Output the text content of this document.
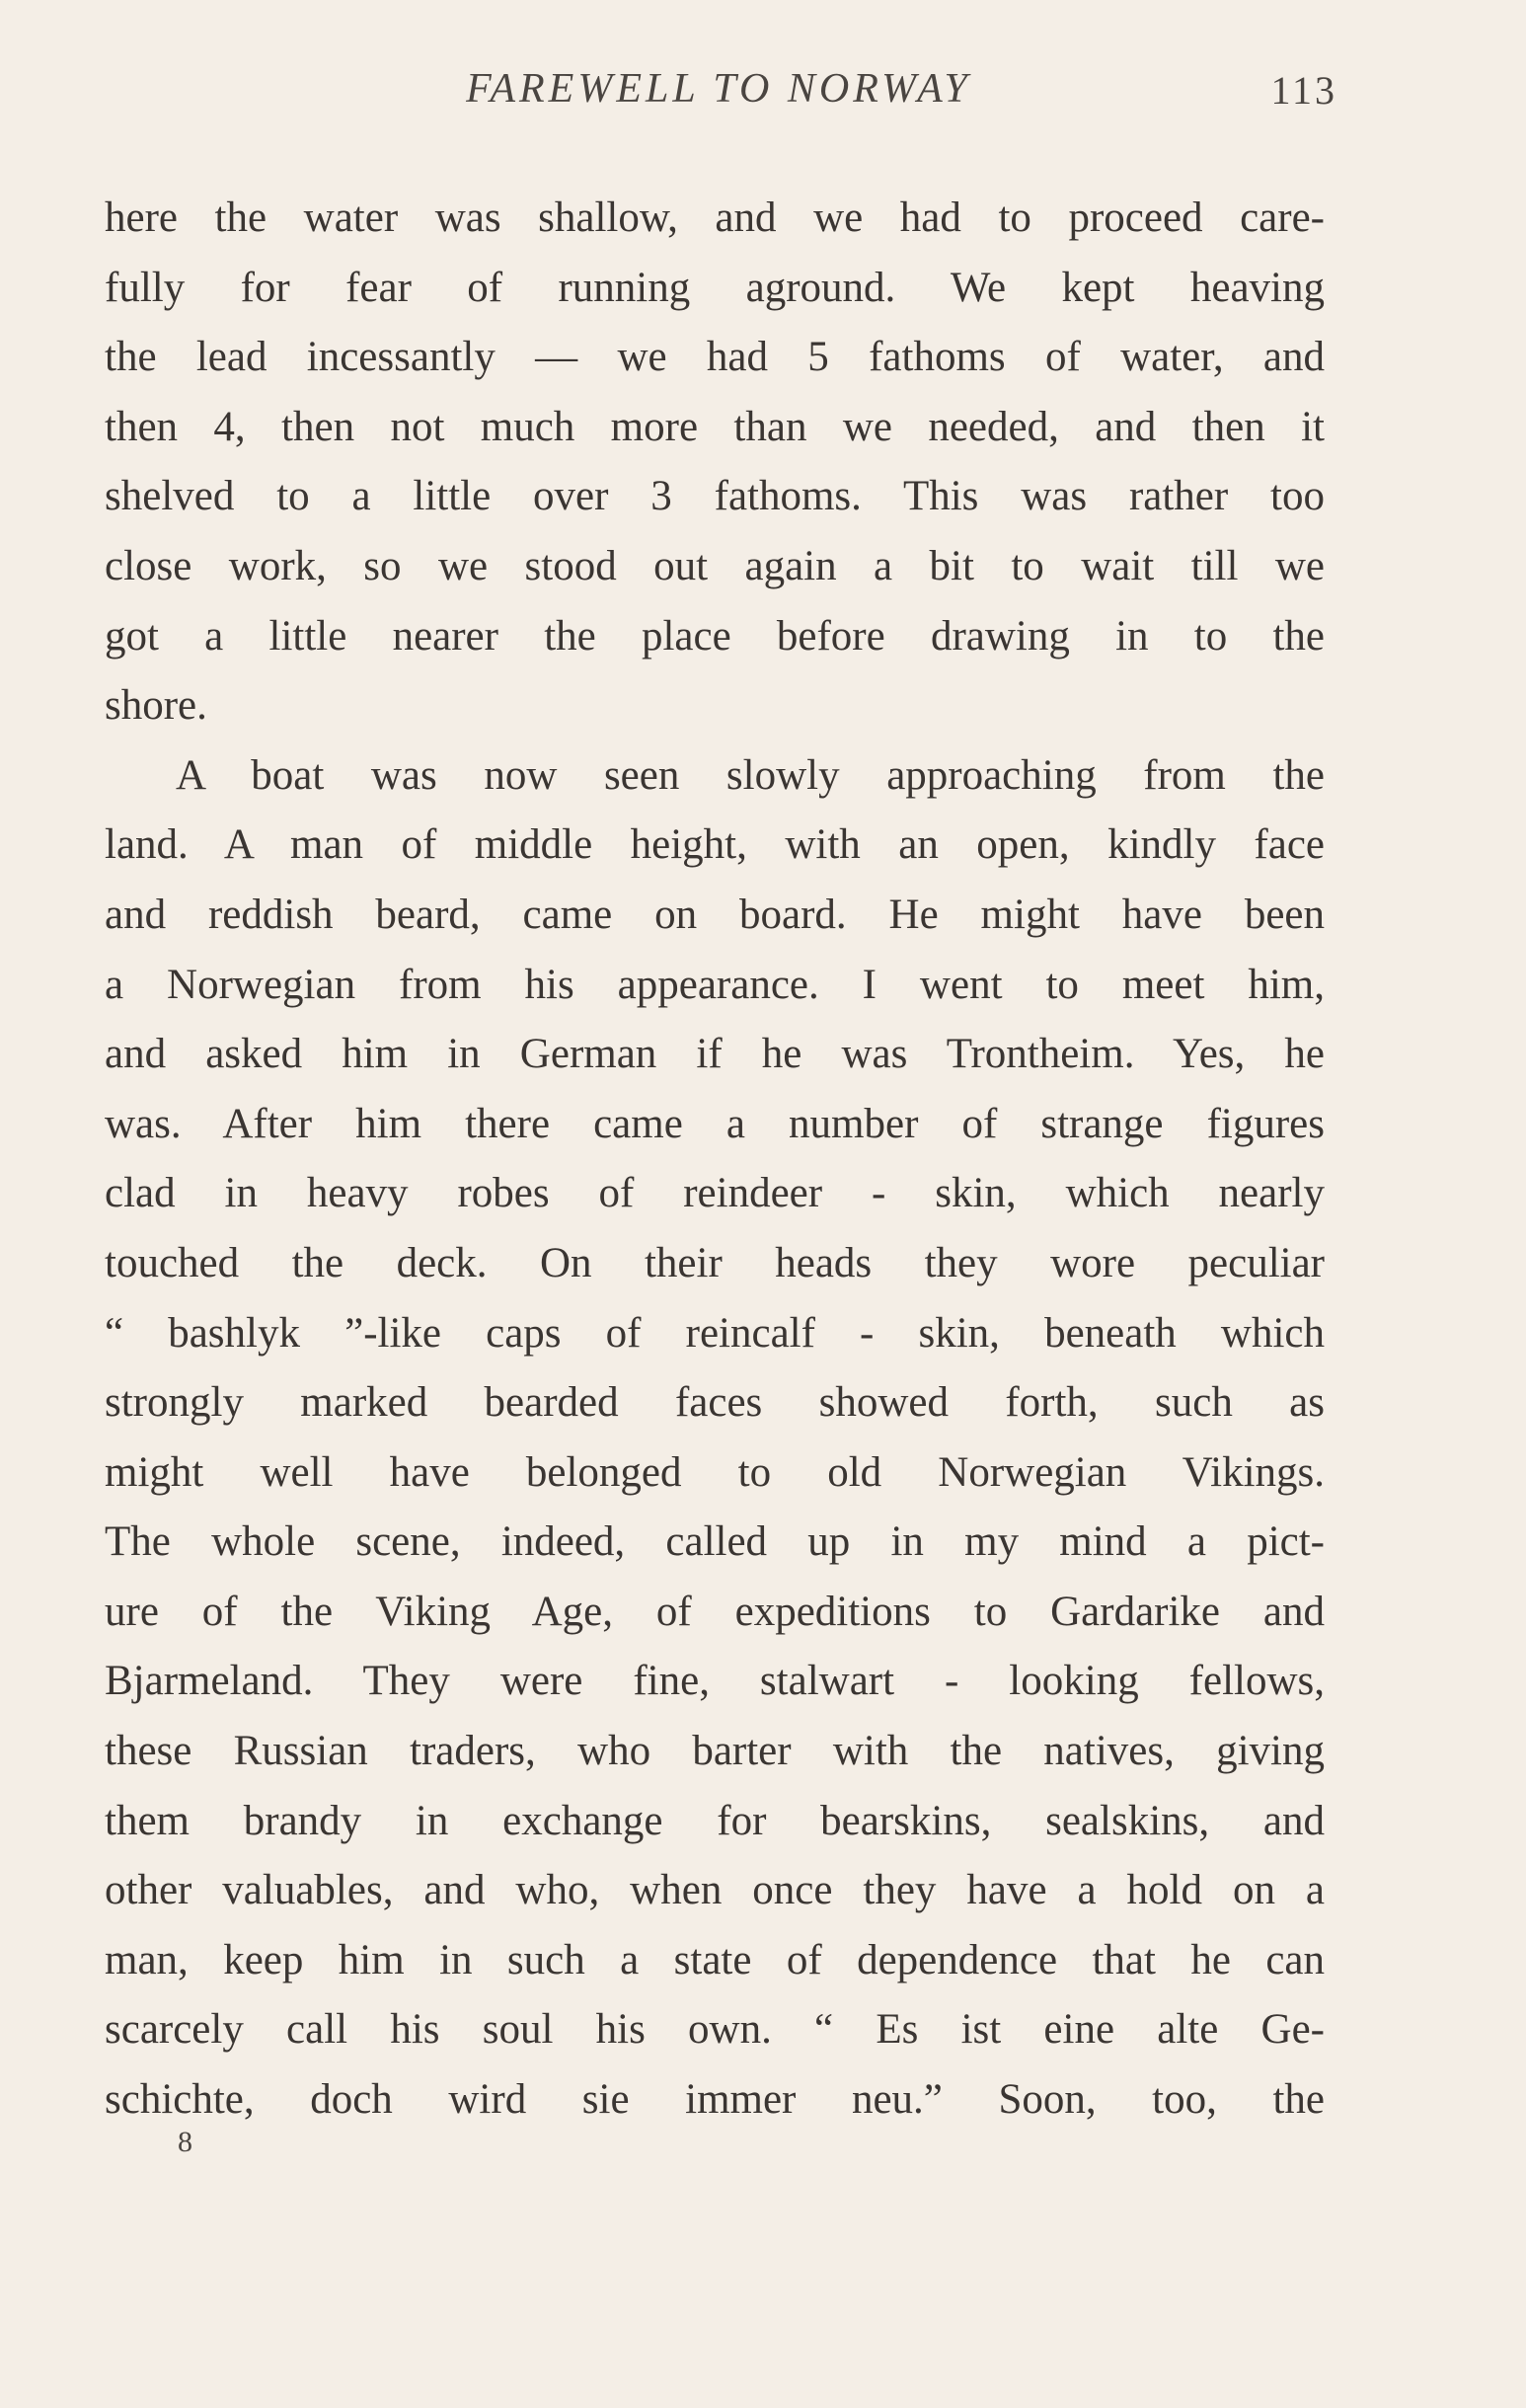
FAREWELL TO NORWAY	113
here the water was shallow, and we had to proceed care-
fully for fear of running aground. We kept heaving
the lead incessantly — we had 5 fathoms of water, and
then 4, then not much more than we needed, and then it
shelved to a little over 3 fathoms. This was rather too
close work, so we stood out again a bit to wait till we
got a little nearer the place before drawing in to the
shore.
A boat was now seen slowly approaching from the
land. A man of middle height, with an open, kindly face
and reddish beard, came on board. He might have been
a Norwegian from his appearance. I went to meet him,
and asked him in German if he was Trontheim. Yes, he
was. After him there came a number of strange figures
clad in heavy robes of reindeer - skin, which nearly
touched the deck. On their heads they wore peculiar
“ bashlyk ”-like caps of reincalf - skin, beneath which
strongly marked bearded faces showed forth, such as
might well have belonged to old Norwegian Vikings.
The whole scene, indeed, called up in my mind a pict-
ure of the Viking Age, of expeditions to Gardarike and
Bjarmeland. They were fine, stalwart - looking fellows,
these Russian traders, who barter with the natives, giving
them brandy in exchange for bearskins, sealskins, and
other valuables, and who, when once they have a hold on a
man, keep him in such a state of dependence that he can
scarcely call his soul his own. “ Es ist eine alte Ge-
schichte, doch wird sie immer neu.” Soon, too, the
8
